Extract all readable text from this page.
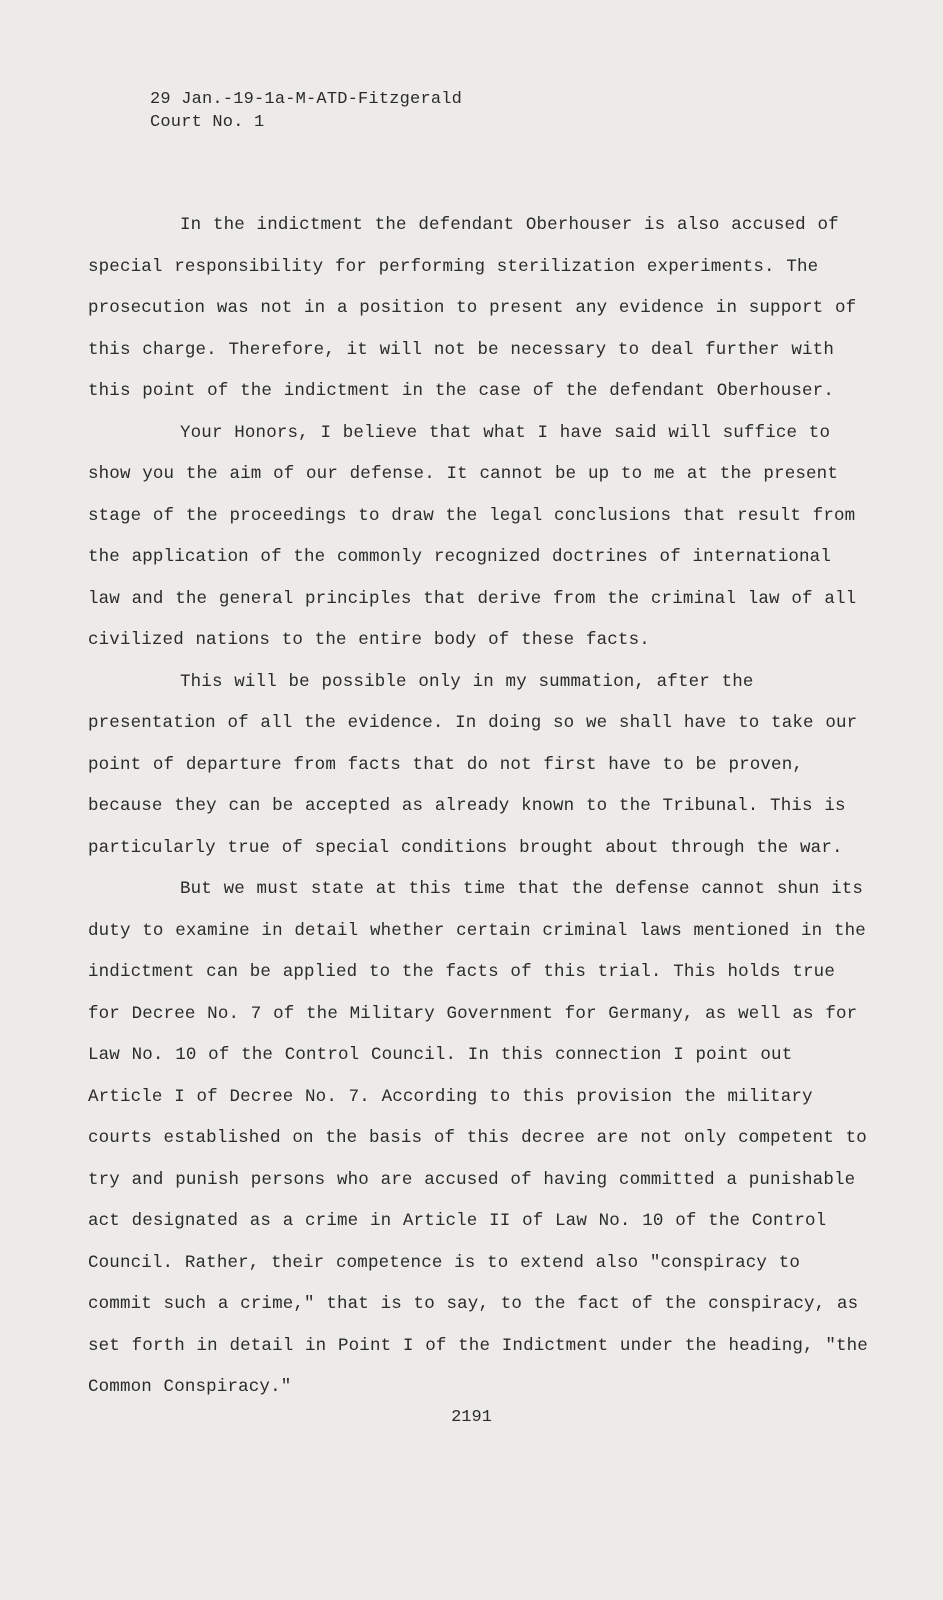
29 Jan.-19-1a-M-ATD-Fitzgerald
Court No. 1

In the indictment the defendant Oberhouser is also accused of special responsibility for performing sterilization experiments. The prosecution was not in a position to present any evidence in support of this charge. Therefore, it will not be necessary to deal further with this point of the indictment in the case of the defendant Oberhouser.

Your Honors, I believe that what I have said will suffice to show you the aim of our defense. It cannot be up to me at the present stage of the proceedings to draw the legal conclusions that result from the application of the commonly recognized doctrines of international law and the general principles that derive from the criminal law of all civilized nations to the entire body of these facts.

This will be possible only in my summation, after the presentation of all the evidence. In doing so we shall have to take our point of departure from facts that do not first have to be proven, because they can be accepted as already known to the Tribunal. This is particularly true of special conditions brought about through the war.

But we must state at this time that the defense cannot shun its duty to examine in detail whether certain criminal laws mentioned in the indictment can be applied to the facts of this trial. This holds true for Decree No. 7 of the Military Government for Germany, as well as for Law No. 10 of the Control Council. In this connection I point out Article I of Decree No. 7. According to this provision the military courts established on the basis of this decree are not only competent to try and punish persons who are accused of having committed a punishable act designated as a crime in Article II of Law No. 10 of the Control Council. Rather, their competence is to extend also "conspiracy to commit such a crime," that is to say, to the fact of the conspiracy, as set forth in detail in Point I of the Indictment under the heading, "the Common Conspiracy."

2191
